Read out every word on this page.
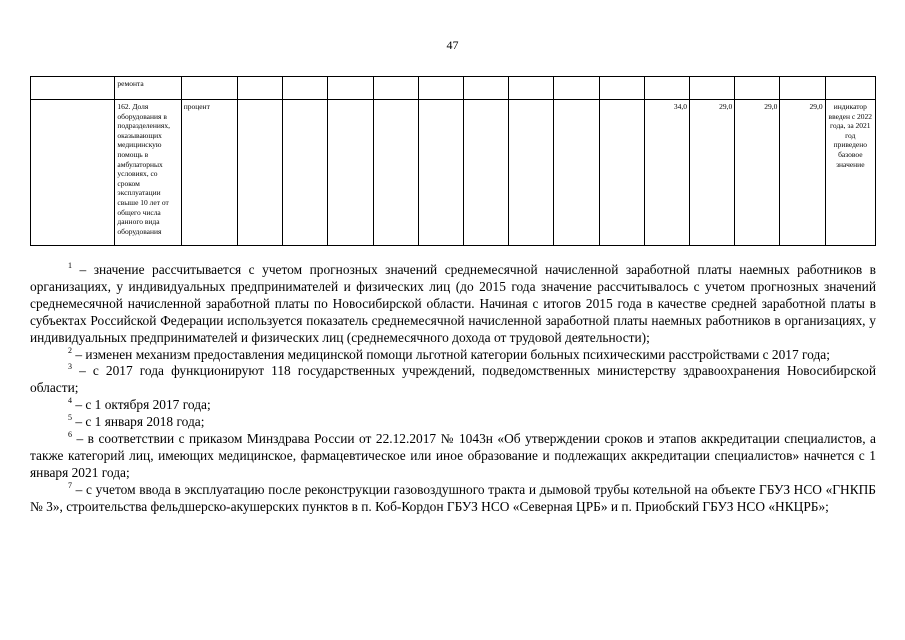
47
	ремонта															
	162. Доля оборудования в подразделениях, оказывающих медицинскую помощь в амбулаторных условиях, со сроком эксплуатации свыше 10 лет от общего числа данного вида оборудования	процент										34,0	29,0	29,0	29,0	индикатор введен с 2022 года, за 2021 год приведено базовое значение

$^1$ – значение рассчитывается с учетом прогнозных значений среднемесячной начисленной заработной платы наемных работников в организациях, у индивидуальных предпринимателей и физических лиц (до 2015 года значение рассчитывалось с учетом прогнозных значений среднемесячной начисленной заработной платы по Новосибирской области. Начиная с итогов 2015 года в качестве средней заработной платы в субъектах Российской Федерации используется показатель среднемесячной начисленной заработной платы наемных работников в организациях, у индивидуальных предпринимателей и физических лиц (среднемесячного дохода от трудовой деятельности);

$^2$ – изменен механизм предоставления медицинской помощи льготной категории больных психическими расстройствами с 2017 года;

$^3$ – с 2017 года функционируют 118 государственных учреждений, подведомственных министерству здравоохранения Новосибирской области;

$^4$ – с 1 октября 2017 года;

$^5$ – с 1 января 2018 года;

$^6$ – в соответствии с приказом Минздрава России от 22.12.2017 № 1043н «Об утверждении сроков и этапов аккредитации специалистов, а также категорий лиц, имеющих медицинское, фармацевтическое или иное образование и подлежащих аккредитации специалистов» начнется с 1 января 2021 года;

$^7$ – с учетом ввода в эксплуатацию после реконструкции газовоздушного тракта и дымовой трубы котельной на объекте ГБУЗ НСО «ГНКПБ № 3», строительства фельдшерско-акушерских пунктов в п. Коб-Кордон ГБУЗ НСО «Северная ЦРБ» и п. Приобский ГБУЗ НСО «НКЦРБ»;
